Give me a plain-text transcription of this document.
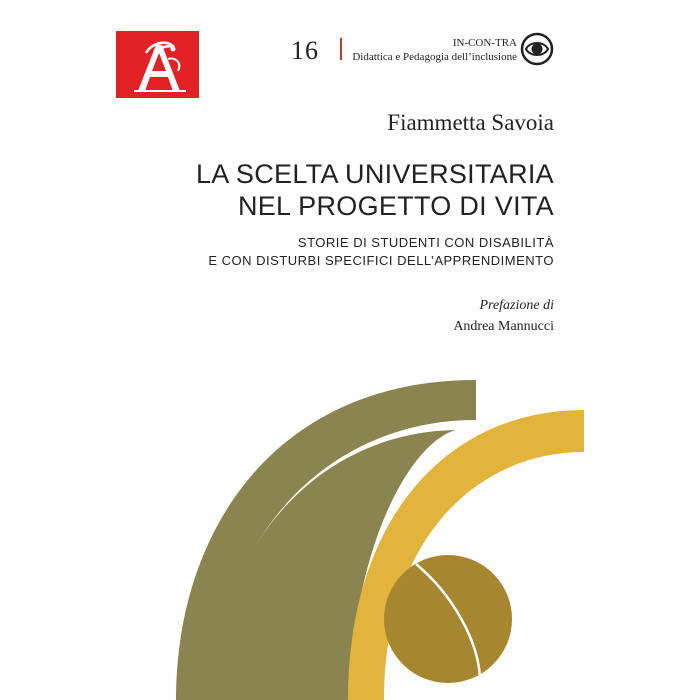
16	IN-CON-TRA
Didattica e Pedagogia dell’inclusione
Fiammetta Savoia
LA SCELTA UNIVERSITARIA
NEL PROGETTO DI VITA
STORIE DI STUDENTI CON DISABILITÀ
E CON DISTURBI SPECIFICI DELL’APPRENDIMENTO
Prefazione di
Andrea Mannucci
